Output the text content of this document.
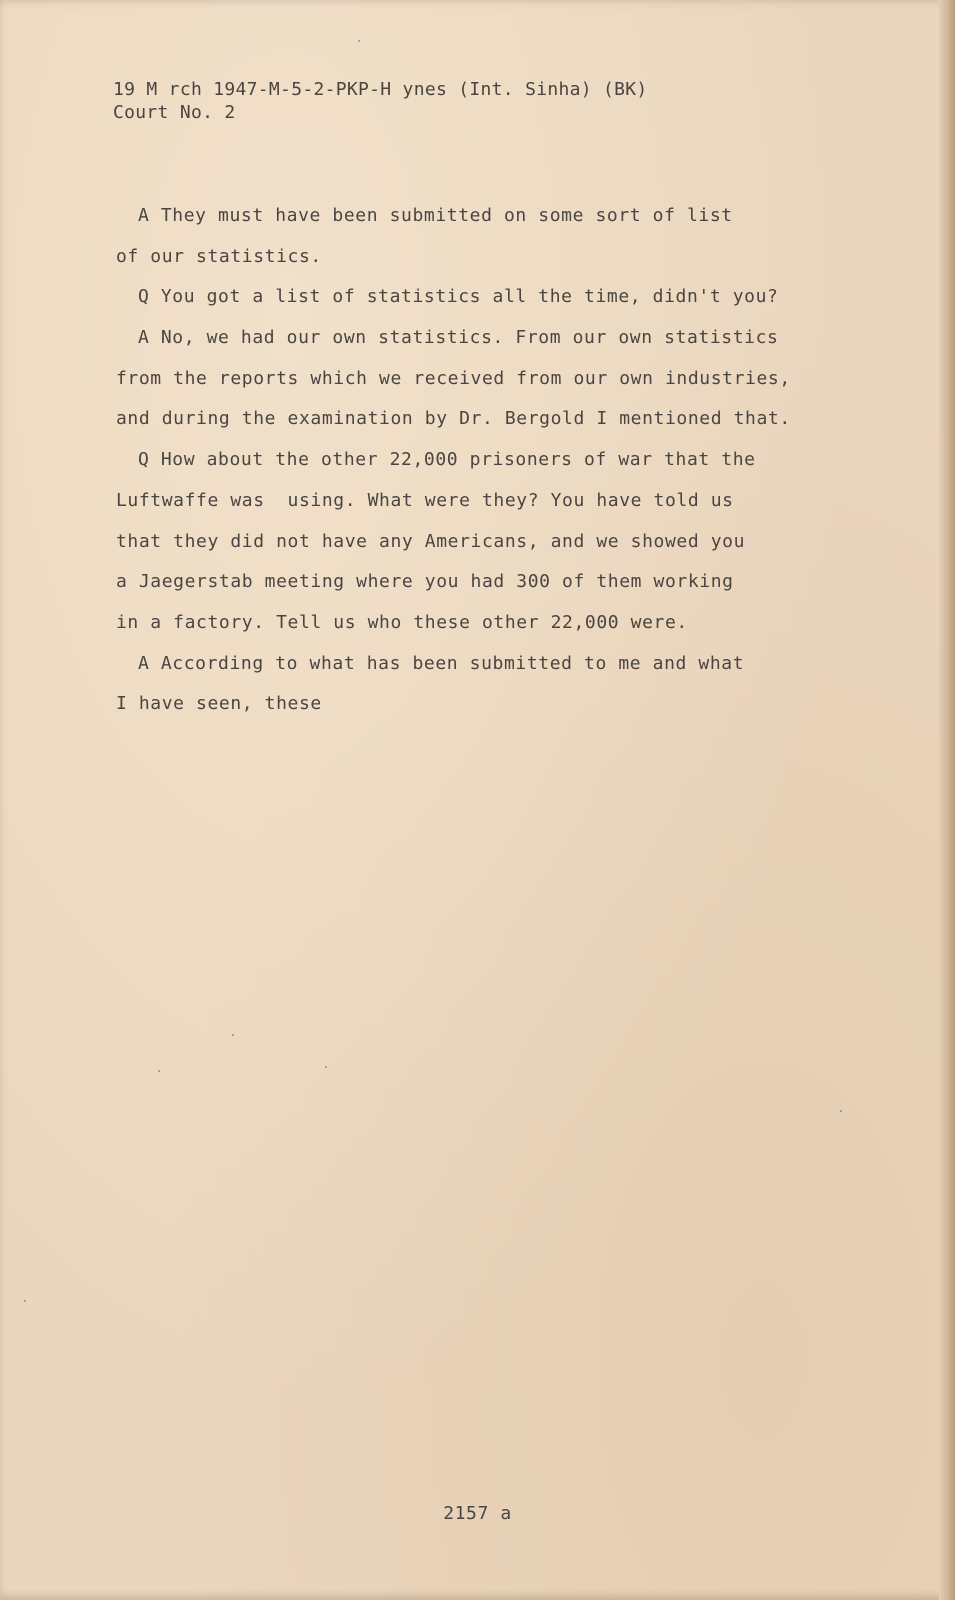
19 M rch 1947-M-5-2-PKP-H ynes (Int. Sinha) (BK)
Court No. 2
A They must have been submitted on some sort of list
of our statistics.
Q You got a list of statistics all the time, didn't you?
A No, we had our own statistics. From our own statistics
from the reports which we received from our own industries,
and during the examination by Dr. Bergold I mentioned that.
Q How about the other 22,000 prisoners of war that the
Luftwaffe was  using. What were they? You have told us
that they did not have any Americans, and we showed you
a Jaegerstab meeting where you had 300 of them working
in a factory. Tell us who these other 22,000 were.
A According to what has been submitted to me and what
I have seen, these
2157 a
